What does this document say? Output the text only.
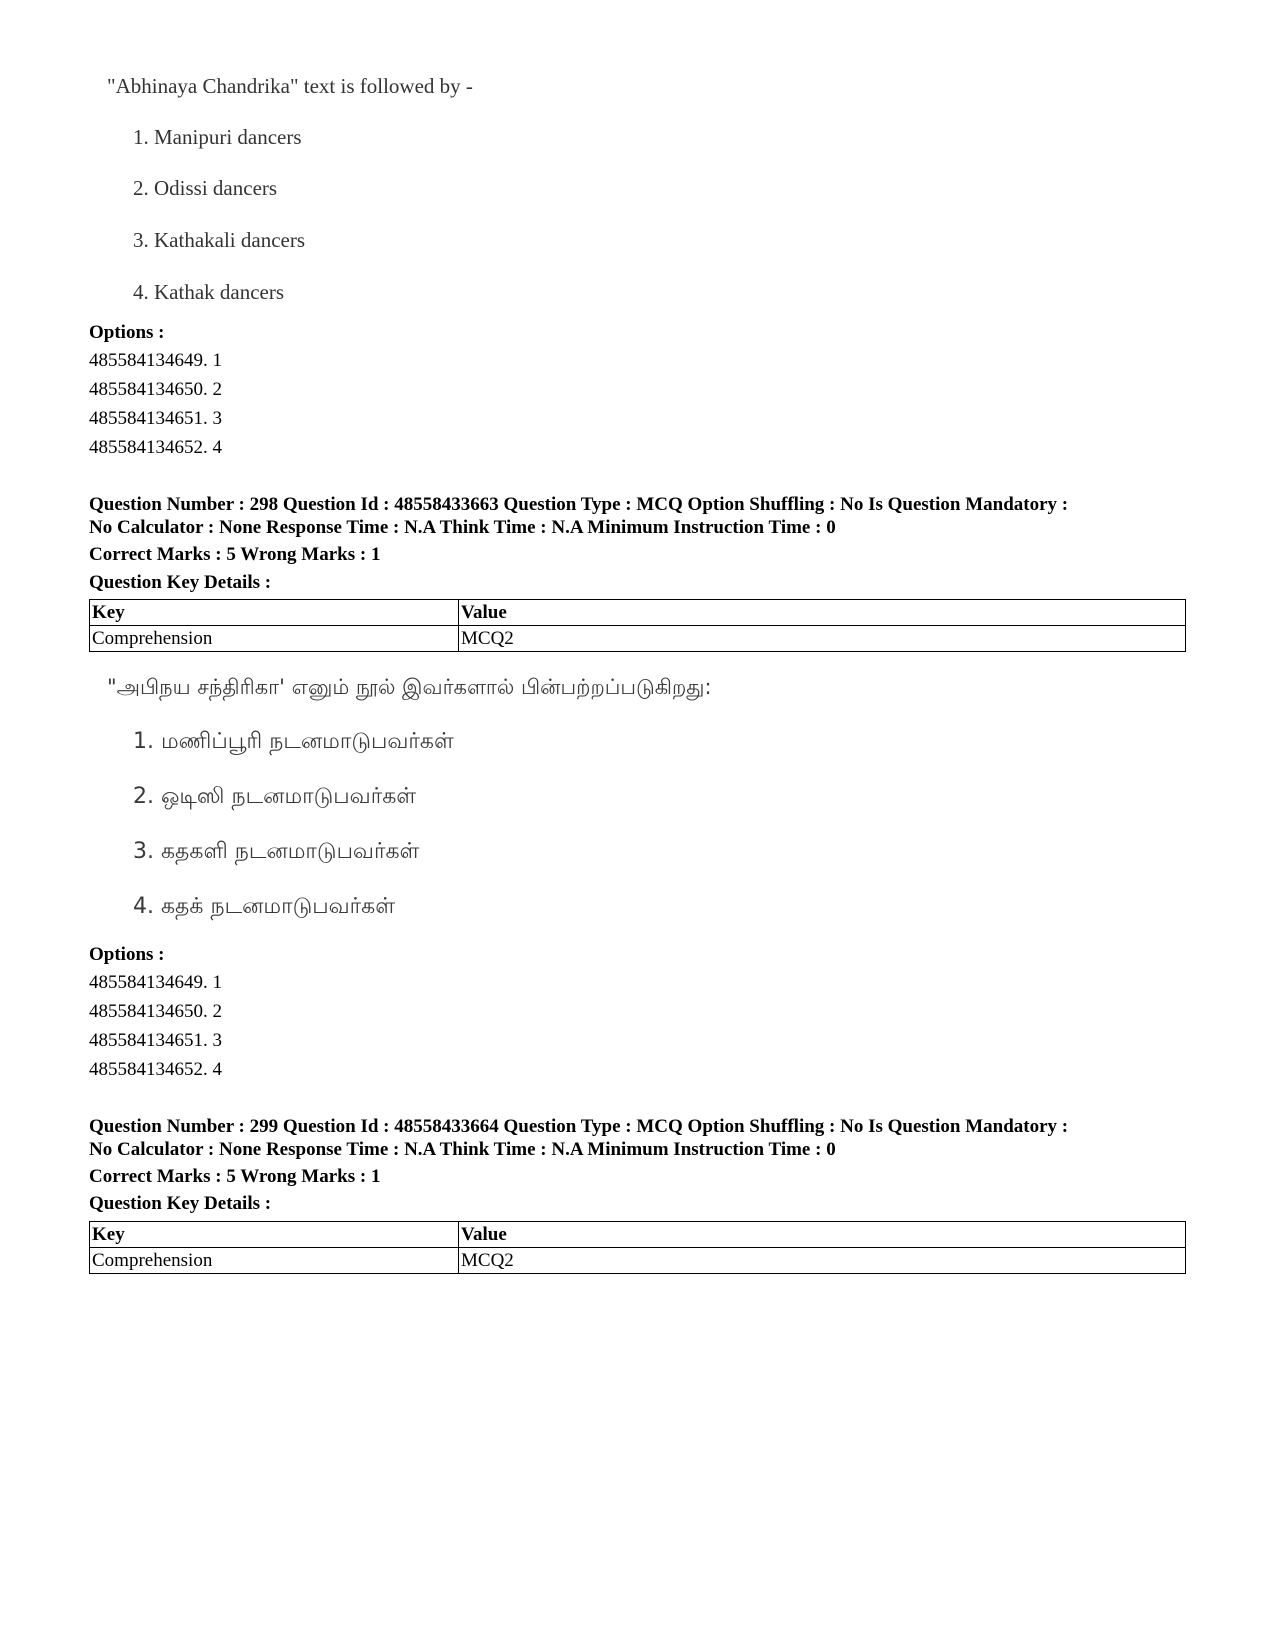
"Abhinaya Chandrika" text is followed by -
1. Manipuri dancers
2. Odissi dancers
3. Kathakali dancers
4. Kathak dancers
Options :
485584134649. 1
485584134650. 2
485584134651. 3
485584134652. 4
Question Number : 298 Question Id : 48558433663 Question Type : MCQ Option Shuffling : No Is Question Mandatory :
No Calculator : None Response Time : N.A Think Time : N.A Minimum Instruction Time : 0
Correct Marks : 5 Wrong Marks : 1
Question Key Details :
Key	Value
Comprehension	MCQ2
"அபிநய சந்திரிகா' எனும் நூல் இவர்களால் பின்பற்றப்படுகிறது:
1. மணிப்பூரி நடனமாடுபவர்கள்
2. ஒடிஸி நடனமாடுபவர்கள்
3. கதகளி நடனமாடுபவர்கள்
4. கதக் நடனமாடுபவர்கள்
Options :
485584134649. 1
485584134650. 2
485584134651. 3
485584134652. 4
Question Number : 299 Question Id : 48558433664 Question Type : MCQ Option Shuffling : No Is Question Mandatory :
No Calculator : None Response Time : N.A Think Time : N.A Minimum Instruction Time : 0
Correct Marks : 5 Wrong Marks : 1
Question Key Details :
Key	Value
Comprehension	MCQ2
